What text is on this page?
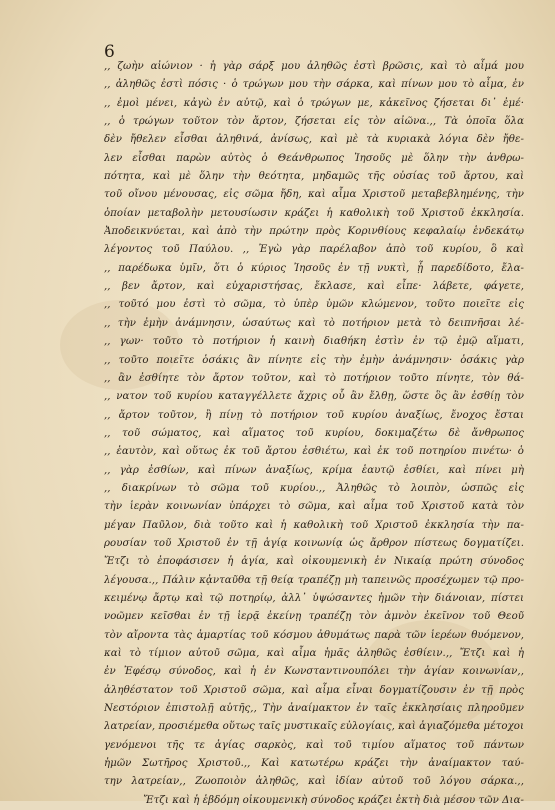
6
,, ζωὴν αἰώνιον · ἡ γὰρ σάρξ μου ἀληθῶς ἐστὶ βρῶσις, καὶ τὸ αἷμά μου
,, ἀληθῶς ἐστὶ πόσις · ὁ τρώγων μου τὴν σάρκα, καὶ πίνων μου τὸ αἷμα, ἐν
,, ἐμοὶ μένει, κἀγὼ ἐν αὐτῷ, καὶ ὁ τρώγων με, κἀκεῖνος ζήσεται δι᾽ ἐμέ·
,, ὁ τρώγων τοῦτον τὸν ἄρτον, ζήσεται εἰς τὸν αἰῶνα.,, Τὰ ὁποῖα ὅλα
δὲν ἤθελεν εἶσθαι ἀληθινά, ἀνίσως, καὶ μὲ τὰ κυριακὰ λόγια δὲν ἤθε-
λεν εἶσθαι παρὼν αὐτὸς ὁ Θεάνθρωπος Ἰησοῦς μὲ ὅλην τὴν ἀνθρω-
πότητα, καὶ μὲ ὅλην τὴν θεότητα, μηδαμῶς τῆς οὐσίας τοῦ ἄρτου, καὶ
τοῦ οἴνου μένουσας, εἰς σῶμα ἤδη, καὶ αἷμα Χριστοῦ μεταβεβλημένης, τὴν
ὁποίαν μεταβολὴν μετουσίωσιν κράζει ἡ καθολικὴ τοῦ Χριστοῦ ἐκκλησία.
Ἀποδεικνύεται, καὶ ἀπὸ τὴν πρώτην πρὸς Κορινθίους κεφαλαίῳ ἑνδεκάτῳ
λέγοντος τοῦ Παύλου. ,, Ἐγὼ γὰρ παρέλαβον ἀπὸ τοῦ κυρίου, ὃ καὶ
,, παρέδωκα ὑμῖν, ὅτι ὁ κύριος Ἰησοῦς ἐν τῇ νυκτὶ, ᾗ παρεδίδοτο, ἔλα-
,, βεν ἄρτον, καὶ εὐχαριστήσας, ἔκλασε, καὶ εἶπε· λάβετε, φάγετε,
,, τοῦτό μου ἐστὶ τὸ σῶμα, τὸ ὑπὲρ ὑμῶν κλώμενον, τοῦτο ποιεῖτε εἰς
,, τὴν ἐμὴν ἀνάμνησιν, ὡσαύτως καὶ τὸ ποτήριον μετὰ τὸ δειπνῆσαι λέ-
,, γων· τοῦτο τὸ ποτήριον ἡ καινὴ διαθήκη ἐστὶν ἐν τῷ ἐμῷ αἵματι,
,, τοῦτο ποιεῖτε ὁσάκις ἂν πίνητε εἰς τὴν ἐμὴν ἀνάμνησιν· ὁσάκις γὰρ
,, ἂν ἐσθίητε τὸν ἄρτον τοῦτον, καὶ τὸ ποτήριον τοῦτο πίνητε, τὸν θά-
,, νατον τοῦ κυρίου καταγγέλλετε ἄχρις οὗ ἂν ἔλθῃ, ὥστε ὃς ἂν ἐσθίῃ τὸν
,, ἄρτον τοῦτον, ἢ πίνῃ τὸ ποτήριον τοῦ κυρίου ἀναξίως, ἔνοχος ἔσται
,, τοῦ σώματος, καὶ αἵματος τοῦ κυρίου, δοκιμαζέτω δὲ ἄνθρωπος
,, ἑαυτὸν, καὶ οὕτως ἐκ τοῦ ἄρτου ἐσθιέτω, καὶ ἐκ τοῦ ποτηρίου πινέτω· ὁ
,, γὰρ ἐσθίων, καὶ πίνων ἀναξίως, κρίμα ἑαυτῷ ἐσθίει, καὶ πίνει μὴ
,, διακρίνων τὸ σῶμα τοῦ κυρίου.,, Ἀληθῶς τὸ λοιπὸν, ὡσπῶς εἰς
τὴν ἱερὰν κοινωνίαν ὑπάρχει τὸ σῶμα, καὶ αἷμα τοῦ Χριστοῦ κατὰ τὸν
μέγαν Παῦλον, διὰ τοῦτο καὶ ἡ καθολικὴ τοῦ Χριστοῦ ἐκκλησία τὴν πα-
ρουσίαν τοῦ Χριστοῦ ἐν τῇ ἁγίᾳ κοινωνίᾳ ὡς ἄρθρον πίστεως δογματίζει.
Ἔτζι τὸ ἐποφάσισεν ἡ ἁγία, καὶ οἰκουμενικὴ ἐν Νικαίᾳ πρώτη σύνοδος
λέγουσα.,, Πάλιν κᾀνταῦθα τῇ θείᾳ τραπέζῃ μὴ ταπεινῶς προσέχωμεν τῷ προ-
κειμένῳ ἄρτῳ καὶ τῷ ποτηρίῳ, ἀλλ᾽ ὑψώσαντες ἡμῶν τὴν διάνοιαν, πίστει
νοῶμεν κεῖσθαι ἐν τῇ ἱερᾷ ἐκείνῃ τραπέζῃ τὸν ἀμνὸν ἐκεῖνον τοῦ Θεοῦ
τὸν αἴροντα τὰς ἁμαρτίας τοῦ κόσμου ἀθυμάτως παρὰ τῶν ἱερέων θυόμενον,
καὶ τὸ τίμιον αὐτοῦ σῶμα, καὶ αἷμα ἡμᾶς ἀληθῶς ἐσθίειν.,, Ἔτζι καὶ ἡ
ἐν Ἐφέσῳ σύνοδος, καὶ ἡ ἐν Κωνσταντινουπόλει τὴν ἁγίαν κοινωνίαν,,
ἀληθέστατον τοῦ Χριστοῦ σῶμα, καὶ αἷμα εἶναι δογματίζουσιν ἐν τῇ πρὸς
Νεστόριον ἐπιστολῇ αὐτῆς,, Τὴν ἀναίμακτον ἐν ταῖς ἐκκλησίαις πληροῦμεν
λατρείαν, προσιέμεθα οὕτως ταῖς μυστικαῖς εὐλογίαις, καὶ ἁγιαζόμεθα μέτοχοι
γενόμενοι τῆς τε ἁγίας σαρκὸς, καὶ τοῦ τιμίου αἵματος τοῦ πάντων
ἡμῶν Σωτῆρος Χριστοῦ.,, Καὶ κατωτέρω κράζει τὴν ἀναίμακτον ταύ-
την λατρείαν,, Ζωοποιὸν ἀληθῶς, καὶ ἰδίαν αὐτοῦ τοῦ λόγου σάρκα.,,
Ἔτζι καὶ ἡ ἑβδόμη οἰκουμενικὴ σύνοδος κράζει ἐκτὴ διὰ μέσου τῶν Δια-
